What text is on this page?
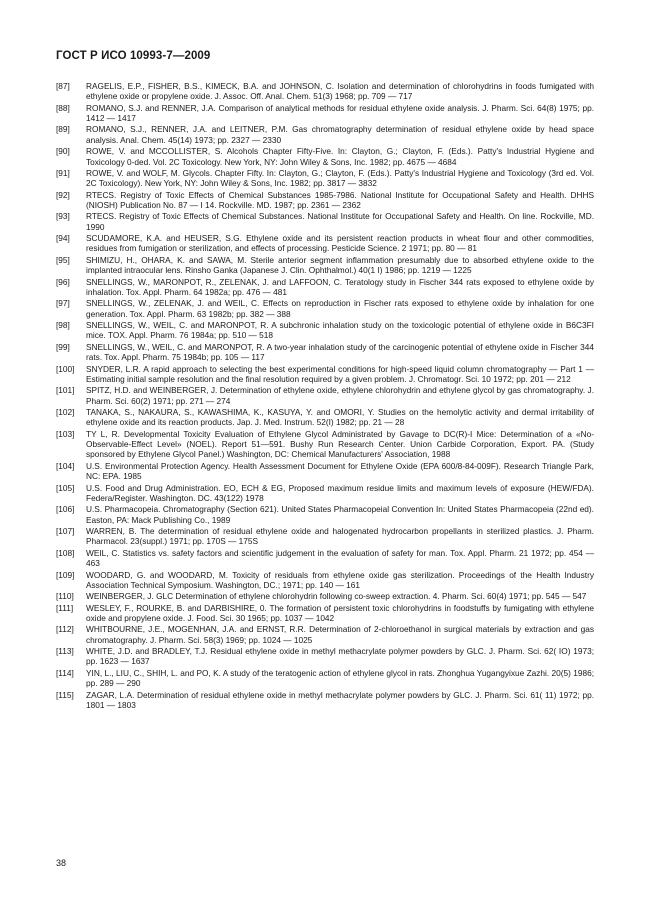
ГОСТ Р ИСО 10993-7—2009
[87]	RAGELIS, E.P., FISHER, B.S., KIMECK, B.A. and JOHNSON, C. Isolation and determination of chlorohydrins in foods fumigated with ethylene oxide or propylene oxide. J. Assoc. Off. Anal. Chem. 51(3) 1968; pp. 709 — 717
[88]	ROMANO, S.J. and RENNER, J.A. Comparison of analytical methods for residual ethylene oxide analysis. J. Pharm. Sci. 64(8) 1975; pp. 1412 — 1417
[89]	ROMANO, S.J., RENNER, J.A. and LEITNER, P.M. Gas chromatography determination of residual ethylene oxide by head space analysis. Anal. Chem. 45(14) 1973; pp. 2327 — 2330
[90]	ROWE, V. and MCCOLLISTER, S. Alcohols Chapter Fifty-Five. In: Clayton, G.; Clayton, F. (Eds.). Patty's Industrial Hygiene and Toxicology 0-ded. Vol. 2C Toxicology. New York, NY: John Wiley & Sons, Inc. 1982; pp. 4675 — 4684
[91]	ROWE, V. and WOLF, M. Glycols. Chapter Fifty. In: Clayton, G.; Clayton, F. (Eds.). Patty's Industrial Hygiene and Toxicology (3rd ed. Vol. 2C Toxicology). New York, NY: John Wiley & Sons, Inc. 1982; pp. 3817 — 3832
[92]	RTECS. Registry of Toxic Effects of Chemical Substances 1985-7986. National Institute for Occupational Safety and Health. DHHS (NIOSH) Publication No. 87 — I 14. Rockville. MD. 1987; pp. 2361 — 2362
[93]	RTECS. Registry of Toxic Effects of Chemical Substances. National Institute for Occupational Safety and Health. On line. Rockville, MD. 1990
[94]	SCUDAMORE, K.A. and HEUSER, S.G. Ethylene oxide and its persistent reaction products in wheat flour and other commodities, residues from fumigation or sterilization, and effects of processing. Pesticide Science. 2 1971; pp. 80 — 81
[95]	SHIMIZU, H., OHARA, K. and SAWA, M. Sterile anterior segment inflammation presumably due to absorbed ethylene oxide to the implanted intraocular lens. Rinsho Ganka (Japanese J. Clin. Ophthalmol.) 40(1 I) 1986; pp. 1219 — 1225
[96]	SNELLINGS, W., MARONPOT, R., ZELENAK, J. and LAFFOON, C. Teratology study in Fischer 344 rats exposed to ethylene oxide by inhalation. Tox. Appl. Pharm. 64 1982a; pp. 476 — 481
[97]	SNELLINGS, W., ZELENAK, J. and WEIL, C. Effects on reproduction in Fischer rats exposed to ethylene oxide by inhalation for one generation. Tox. Appl. Pharm. 63 1982b; pp. 382 — 388
[98]	SNELLINGS, W., WEIL, C. and MARONPOT, R. A subchronic inhalation study on the toxicologic potential of ethylene oxide in B6C3FI mice. TOX. Appl. Pharm. 76 1984a; pp. 510 — 518
[99]	SNELLINGS, W., WEIL, C. and MARONPOT, R. A two-year inhalation study of the carcinogenic potential of ethylene oxide in Fischer 344 rats. Tox. Appl. Pharm. 75 1984b; pp. 105 — 117
[100]	SNYDER, L.R. A rapid approach to selecting the best experimental conditions for high-speed liquid column chromatography — Part 1 — Estimating initial sample resolution and the final resolution required by a given problem. J. Chromatogr. Sci. 10 1972; pp. 201 — 212
[101]	SPITZ, H.D. and WEINBERGER, J. Determination of ethylene oxide, ethylene chlorohydrin and ethylene glycol by gas chromatography. J. Pharm. Sci. 60(2) 1971; pp. 271 — 274
[102]	TANAKA, S., NAKAURA, S., KAWASHIMA, K., KASUYA, Y. and OMORI, Y. Studies on the hemolytic activity and dermal irritability of ethylene oxide and its reaction products. Jap. J. Med. Instrum. 52(I) 1982; pp. 21 — 28
[103]	TY L, R. Developmental Toxicity Evaluation of Ethylene Glycol Administrated by Gavage to DC(R)-I Mice: Determination of a «No-Observable-Effect Level» (NOEL). Report 51—591. Bushy Run Research Center. Union Carbide Corporation, Export. PA. (Study sponsored by Ethylene Glycol Panel.) Washington, DC: Chemical Manufacturers' Association, 1988
[104]	U.S. Environmental Protection Agency. Health Assessment Document for Ethylene Oxide (EPA 600/8-84-009F). Research Triangle Park, NC: EPA. 1985
[105]	U.S. Food and Drug Administration. EO, ECH & EG, Proposed maximum residue limits and maximum levels of exposure (HEW/FDA). Federa/Register. Washington. DC. 43(122) 1978
[106]	U.S. Pharmacopeia. Chromatography (Section 621). United States Pharmacopeial Convention In: United States Pharmacopeia (22nd ed). Easton, PA: Mack Publishing Co., 1989
[107]	WARREN, B. The determination of residual ethylene oxide and halogenated hydrocarbon propellants in sterilized plastics. J. Pharm. Pharmacol. 23(suppl.) 1971; pp. 170S — 175S
[108]	WEIL, C. Statistics vs. safety factors and scientific judgement in the evaluation of safety for man. Tox. Appl. Pharm. 21 1972; pp. 454 — 463
[109]	WOODARD, G. and WOODARD, M. Toxicity of residuals from ethylene oxide gas sterilization. Proceedings of the Health Industry Association Technical Symposium. Washington, DC.; 1971; pp. 140 — 161
[110]	WEINBERGER, J. GLC Determination of ethylene chlorohydrin following co-sweep extraction. 4. Pharm. Sci. 60(4) 1971; pp. 545 — 547
[111]	WESLEY, F., ROURKE, B. and DARBISHIRE, 0. The formation of persistent toxic chlorohydrins in foodstuffs by fumigating with ethylene oxide and propylene oxide. J. Food. Sci. 30 1965; pp. 1037 — 1042
[112]	WHITBOURNE, J.E., MOGENHAN, J.A. and ERNST, R.R. Determination of 2-chloroethanol in surgical materials by extraction and gas chromatography. J. Pharm. Sci. 58(3) 1969; pp. 1024 — 1025
[113]	WHITE, J.D. and BRADLEY, T.J. Residual ethylene oxide in methyl methacrylate polymer powders by GLC. J. Pharm. Sci. 62( IO) 1973; pp. 1623 — 1637
[114]	YIN, L., LIU, C., SHIH, L. and PO, K. A study of the teratogenic action of ethylene glycol in rats. Zhonghua Yugangyixue Zazhi. 20(5) 1986; pp. 289 — 290
[115]	ZAGAR, L.A. Determination of residual ethylene oxide in methyl methacrylate polymer powders by GLC. J. Pharm. Sci. 61( 11) 1972; pp. 1801 — 1803
38
